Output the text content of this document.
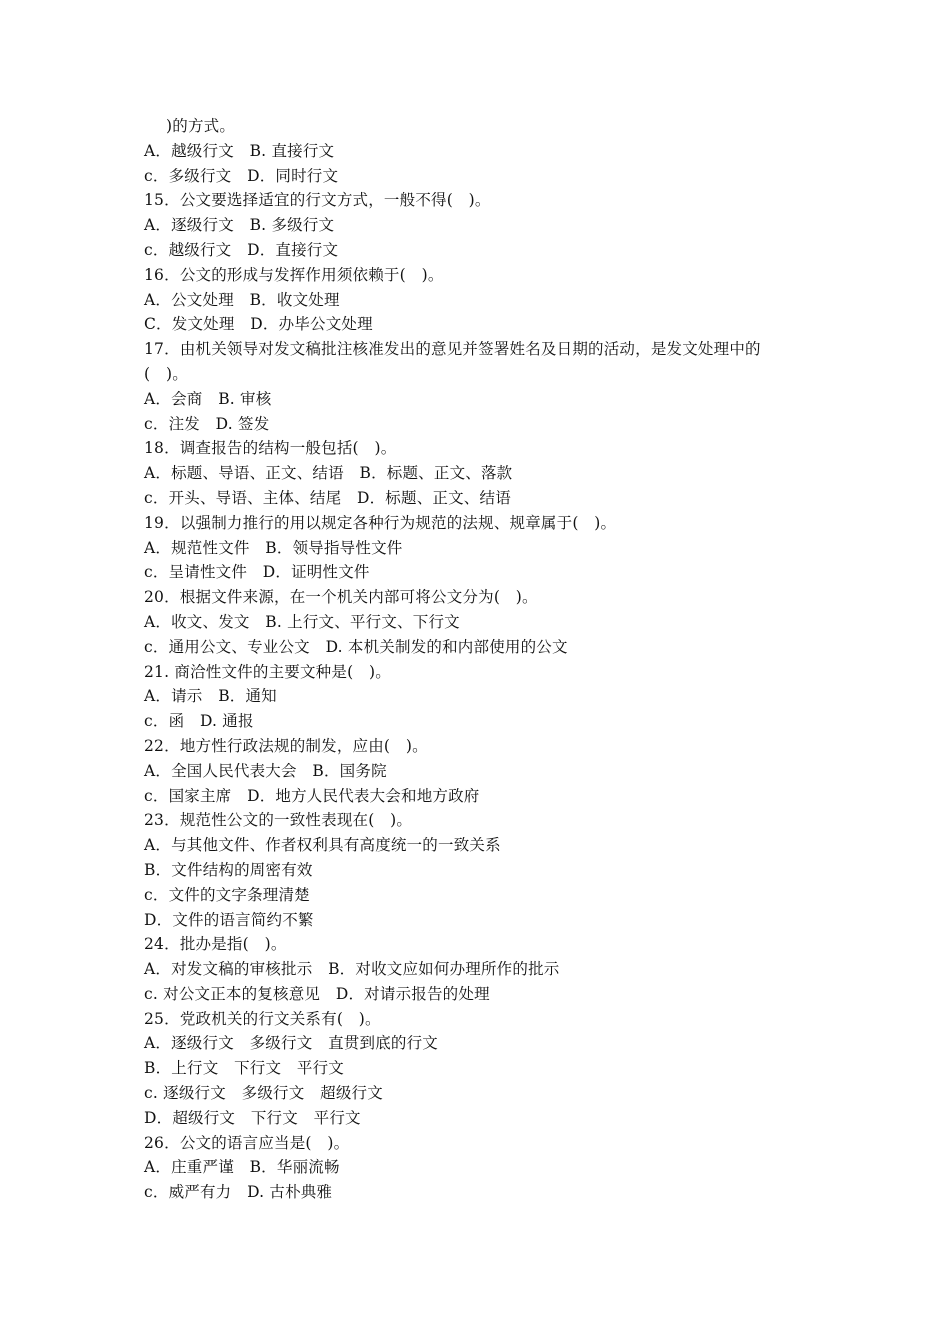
)的方式。
A．越级行文　B. 直接行文
c．多级行文　D．同时行文
15．公文要选择适宜的行文方式，一般不得(　)。
A．逐级行文　B. 多级行文
c．越级行文　D．直接行文
16．公文的形成与发挥作用须依赖于(　)。
A．公文处理　B．收文处理
C．发文处理　D．办毕公文处理
17．由机关领导对发文稿批注核准发出的意见并签署姓名及日期的活动，是发文处理中的
(　)。
A．会商　B. 审核
c．注发　D. 签发
18．调查报告的结构一般包括(　)。
A．标题、导语、正文、结语　B．标题、正文、落款
c．开头、导语、主体、结尾　D．标题、正文、结语
19．以强制力推行的用以规定各种行为规范的法规、规章属于(　)。
A．规范性文件　B．领导指导性文件
c．呈请性文件　D．证明性文件
20．根据文件来源，在一个机关内部可将公文分为(　)。
A．收文、发文　B. 上行文、平行文、下行文
c．通用公文、专业公文　D. 本机关制发的和内部使用的公文
21. 商洽性文件的主要文种是(　)。
A．请示　B．通知
c．函　D. 通报
22．地方性行政法规的制发，应由(　)。
A．全国人民代表大会　B．国务院
c．国家主席　D．地方人民代表大会和地方政府
23．规范性公文的一致性表现在(　)。
A．与其他文件、作者权利具有高度统一的一致关系
B．文件结构的周密有效
c．文件的文字条理清楚
D．文件的语言简约不繁
24．批办是指(　)。
A．对发文稿的审核批示　B．对收文应如何办理所作的批示
c. 对公文正本的复核意见　D．对请示报告的处理
25．党政机关的行文关系有(　)。
A．逐级行文　多级行文　直贯到底的行文
B．上行文　下行文　平行文
c. 逐级行文　多级行文　超级行文
D．超级行文　下行文　平行文
26．公文的语言应当是(　)。
A．庄重严谨　B．华丽流畅
c．威严有力　D. 古朴典雅
